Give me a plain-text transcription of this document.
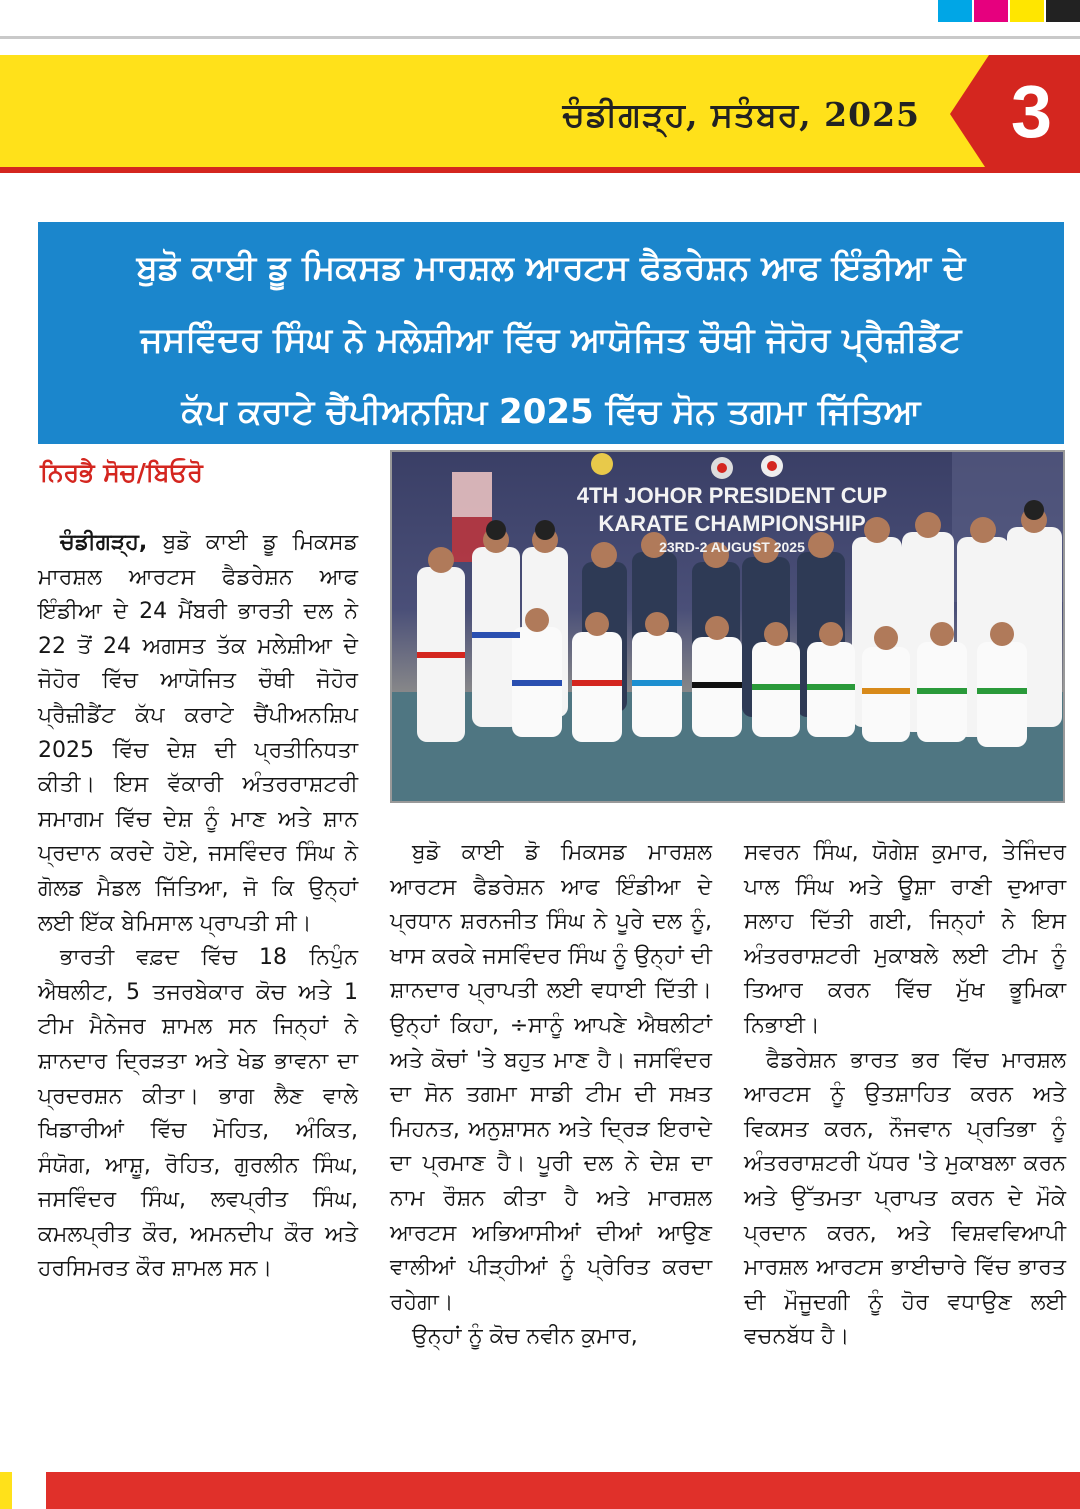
ਚੰਡੀਗੜ੍ਹ, ਸਤੰਬਰ, 2025 3
ਬੁਡੋ ਕਾਈ ਡੂ ਮਿਕਸਡ ਮਾਰਸ਼ਲ ਆਰਟਸ ਫੈਡਰੇਸ਼ਨ ਆਫ ਇੰਡੀਆ ਦੇ
ਜਸਵਿੰਦਰ ਸਿੰਘ ਨੇ ਮਲੇਸ਼ੀਆ ਵਿੱਚ ਆਯੋਜਿਤ ਚੌਥੀ ਜੋਹੋਰ ਪ੍ਰੈਜ਼ੀਡੈਂਟ
ਕੱਪ ਕਰਾਟੇ ਚੈਂਪੀਅਨਸ਼ਿਪ 2025 ਵਿੱਚ ਸੋਨ ਤਗਮਾ ਜਿੱਤਿਆ
ਨਿਰਭੈ ਸੋਚ/ਬਿਓਰੋ
4TH JOHOR PRESIDENT CUP
KARATE CHAMPIONSHIP
23RD-2 AUGUST 2025

ਚੰਡੀਗੜ੍ਹ, ਬੁਡੋ ਕਾਈ ਡੂ ਮਿਕਸਡ ਮਾਰਸ਼ਲ ਆਰਟਸ ਫੈਡਰੇਸ਼ਨ ਆਫ ਇੰਡੀਆ ਦੇ 24 ਮੈਂਬਰੀ ਭਾਰਤੀ ਦਲ ਨੇ 22 ਤੋਂ 24 ਅਗਸਤ ਤੱਕ ਮਲੇਸ਼ੀਆ ਦੇ ਜੋਹੋਰ ਵਿੱਚ ਆਯੋਜਿਤ ਚੌਥੀ ਜੋਹੋਰ ਪ੍ਰੈਜ਼ੀਡੈਂਟ ਕੱਪ ਕਰਾਟੇ ਚੈਂਪੀਅਨਸ਼ਿਪ 2025 ਵਿੱਚ ਦੇਸ਼ ਦੀ ਪ੍ਰਤੀਨਿਧਤਾ ਕੀਤੀ। ਇਸ ਵੱਕਾਰੀ ਅੰਤਰਰਾਸ਼ਟਰੀ ਸਮਾਗਮ ਵਿੱਚ ਦੇਸ਼ ਨੂੰ ਮਾਣ ਅਤੇ ਸ਼ਾਨ ਪ੍ਰਦਾਨ ਕਰਦੇ ਹੋਏ, ਜਸਵਿੰਦਰ ਸਿੰਘ ਨੇ ਗੋਲਡ ਮੈਡਲ ਜਿੱਤਿਆ, ਜੋ ਕਿ ਉਨ੍ਹਾਂ ਲਈ ਇੱਕ ਬੇਮਿਸਾਲ ਪ੍ਰਾਪਤੀ ਸੀ।

ਭਾਰਤੀ ਵਫ਼ਦ ਵਿੱਚ 18 ਨਿਪੁੰਨ ਐਥਲੀਟ, 5 ਤਜਰਬੇਕਾਰ ਕੋਚ ਅਤੇ 1 ਟੀਮ ਮੈਨੇਜਰ ਸ਼ਾਮਲ ਸਨ ਜਿਨ੍ਹਾਂ ਨੇ ਸ਼ਾਨਦਾਰ ਦ੍ਰਿੜਤਾ ਅਤੇ ਖੇਡ ਭਾਵਨਾ ਦਾ ਪ੍ਰਦਰਸ਼ਨ ਕੀਤਾ। ਭਾਗ ਲੈਣ ਵਾਲੇ ਖਿਡਾਰੀਆਂ ਵਿੱਚ ਮੋਹਿਤ, ਅੰਕਿਤ, ਸੰਯੋਗ, ਆਸ਼ੂ, ਰੋਹਿਤ, ਗੁਰਲੀਨ ਸਿੰਘ, ਜਸਵਿੰਦਰ ਸਿੰਘ, ਲਵਪ੍ਰੀਤ ਸਿੰਘ, ਕਮਲਪ੍ਰੀਤ ਕੌਰ, ਅਮਨਦੀਪ ਕੌਰ ਅਤੇ ਹਰਸਿਮਰਤ ਕੌਰ ਸ਼ਾਮਲ ਸਨ।

ਬੁਡੋ ਕਾਈ ਡੋ ਮਿਕਸਡ ਮਾਰਸ਼ਲ ਆਰਟਸ ਫੈਡਰੇਸ਼ਨ ਆਫ ਇੰਡੀਆ ਦੇ ਪ੍ਰਧਾਨ ਸ਼ਰਨਜੀਤ ਸਿੰਘ ਨੇ ਪੂਰੇ ਦਲ ਨੂੰ, ਖਾਸ ਕਰਕੇ ਜਸਵਿੰਦਰ ਸਿੰਘ ਨੂੰ ਉਨ੍ਹਾਂ ਦੀ ਸ਼ਾਨਦਾਰ ਪ੍ਰਾਪਤੀ ਲਈ ਵਧਾਈ ਦਿੱਤੀ। ਉਨ੍ਹਾਂ ਕਿਹਾ, ÷ਸਾਨੂੰ ਆਪਣੇ ਐਥਲੀਟਾਂ ਅਤੇ ਕੋਚਾਂ 'ਤੇ ਬਹੁਤ ਮਾਣ ਹੈ। ਜਸਵਿੰਦਰ ਦਾ ਸੋਨ ਤਗਮਾ ਸਾਡੀ ਟੀਮ ਦੀ ਸਖ਼ਤ ਮਿਹਨਤ, ਅਨੁਸ਼ਾਸਨ ਅਤੇ ਦ੍ਰਿੜ ਇਰਾਦੇ ਦਾ ਪ੍ਰਮਾਣ ਹੈ। ਪੂਰੀ ਦਲ ਨੇ ਦੇਸ਼ ਦਾ ਨਾਮ ਰੌਸ਼ਨ ਕੀਤਾ ਹੈ ਅਤੇ ਮਾਰਸ਼ਲ ਆਰਟਸ ਅਭਿਆਸੀਆਂ ਦੀਆਂ ਆਉਣ ਵਾਲੀਆਂ ਪੀੜ੍ਹੀਆਂ ਨੂੰ ਪ੍ਰੇਰਿਤ ਕਰਦਾ ਰਹੇਗਾ।

ਉਨ੍ਹਾਂ ਨੂੰ ਕੋਚ ਨਵੀਨ ਕੁਮਾਰ,

ਸਵਰਨ ਸਿੰਘ, ਯੋਗੇਸ਼ ਕੁਮਾਰ, ਤੇਜਿੰਦਰ ਪਾਲ ਸਿੰਘ ਅਤੇ ਊਸ਼ਾ ਰਾਣੀ ਦੁਆਰਾ ਸਲਾਹ ਦਿੱਤੀ ਗਈ, ਜਿਨ੍ਹਾਂ ਨੇ ਇਸ ਅੰਤਰਰਾਸ਼ਟਰੀ ਮੁਕਾਬਲੇ ਲਈ ਟੀਮ ਨੂੰ ਤਿਆਰ ਕਰਨ ਵਿੱਚ ਮੁੱਖ ਭੂਮਿਕਾ ਨਿਭਾਈ।

ਫੈਡਰੇਸ਼ਨ ਭਾਰਤ ਭਰ ਵਿੱਚ ਮਾਰਸ਼ਲ ਆਰਟਸ ਨੂੰ ਉਤਸ਼ਾਹਿਤ ਕਰਨ ਅਤੇ ਵਿਕਸਤ ਕਰਨ, ਨੌਜਵਾਨ ਪ੍ਰਤਿਭਾ ਨੂੰ ਅੰਤਰਰਾਸ਼ਟਰੀ ਪੱਧਰ 'ਤੇ ਮੁਕਾਬਲਾ ਕਰਨ ਅਤੇ ਉੱਤਮਤਾ ਪ੍ਰਾਪਤ ਕਰਨ ਦੇ ਮੌਕੇ ਪ੍ਰਦਾਨ ਕਰਨ, ਅਤੇ ਵਿਸ਼ਵਵਿਆਪੀ ਮਾਰਸ਼ਲ ਆਰਟਸ ਭਾਈਚਾਰੇ ਵਿੱਚ ਭਾਰਤ ਦੀ ਮੌਜੂਦਗੀ ਨੂੰ ਹੋਰ ਵਧਾਉਣ ਲਈ ਵਚਨਬੱਧ ਹੈ।
